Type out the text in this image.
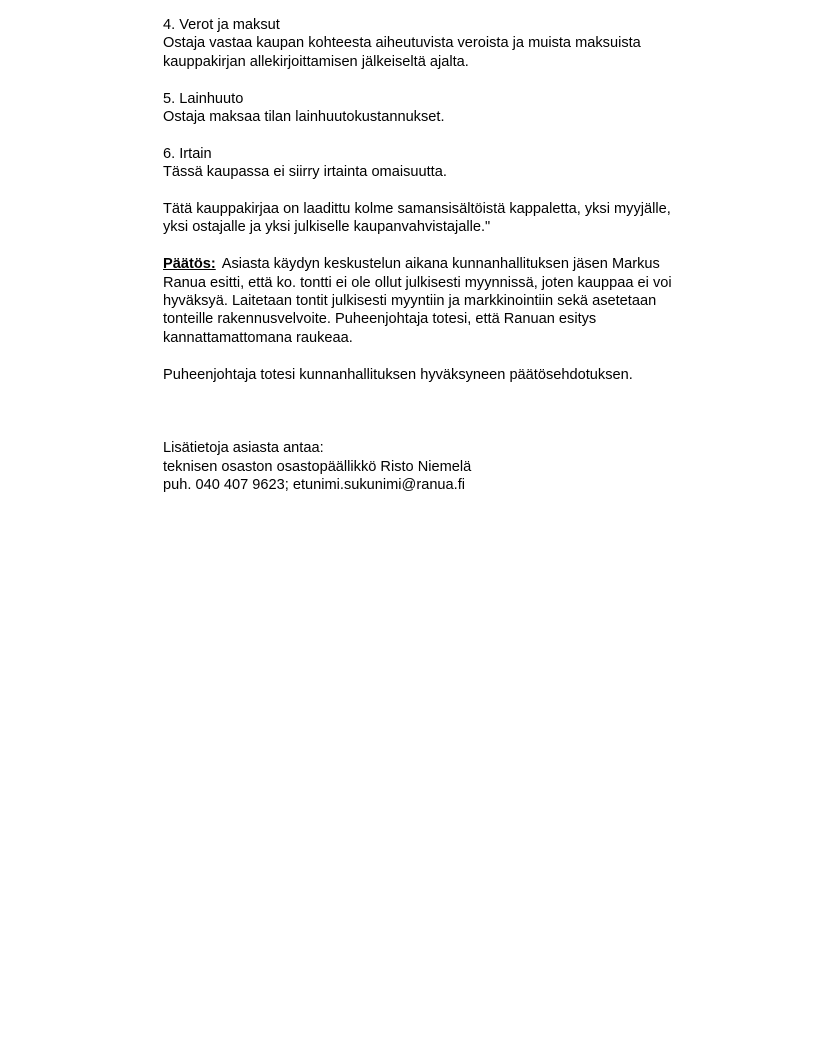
4. Verot ja maksut
Ostaja vastaa kaupan kohteesta aiheutuvista veroista ja muista maksuista
kauppakirjan allekirjoittamisen jälkeiseltä ajalta.
5. Lainhuuto
Ostaja maksaa tilan lainhuutokustannukset.
6. Irtain
Tässä kaupassa ei siirry irtainta omaisuutta.
Tätä kauppakirjaa on laadittu kolme samansisältöistä kappaletta, yksi myyjälle,
yksi ostajalle ja yksi julkiselle kaupanvahvistajalle."
Päätös: Asiasta käydyn keskustelun aikana kunnanhallituksen jäsen Markus
Ranua esitti, että ko. tontti ei ole ollut julkisesti myynnissä, joten kauppaa ei voi
hyväksyä. Laitetaan tontit julkisesti myyntiin ja markkinointiin sekä asetetaan
tonteille rakennusvelvoite. Puheenjohtaja totesi, että Ranuan esitys
kannattamattomana raukeaa.
Puheenjohtaja totesi kunnanhallituksen hyväksyneen päätösehdotuksen.
Lisätietoja asiasta antaa:
teknisen osaston osastopäällikkö Risto Niemelä
puh. 040 407 9623; etunimi.sukunimi@ranua.fi
